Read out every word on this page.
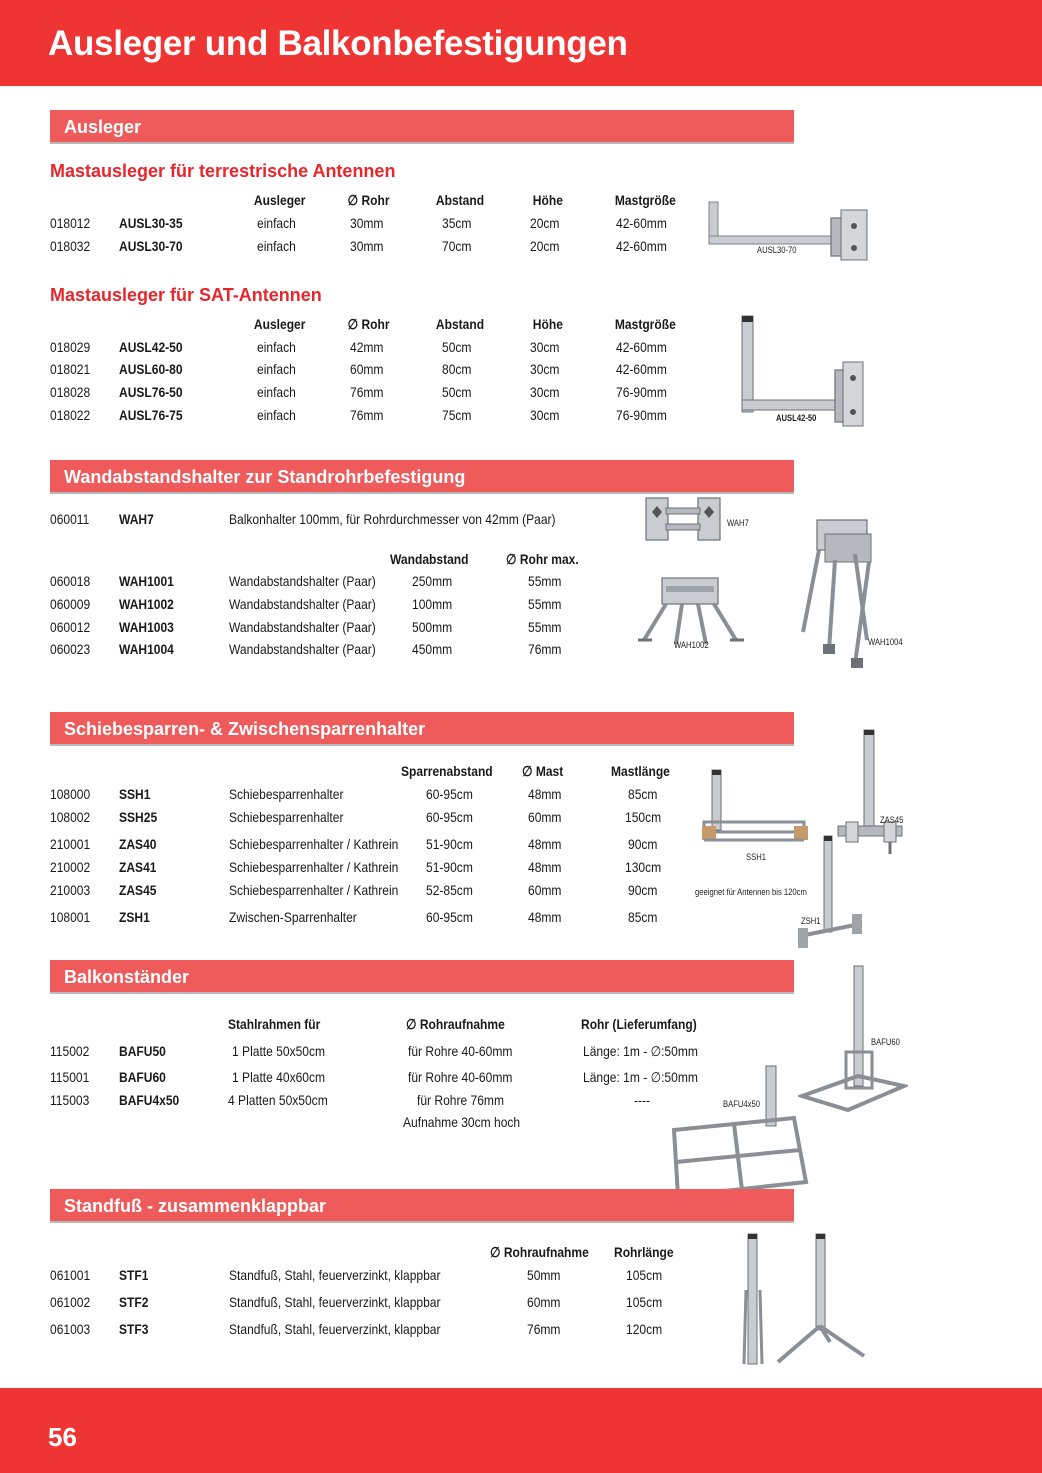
Ausleger und Balkonbefestigungen
Ausleger
Mastausleger für terrestrische Antennen
Ausleger	∅ Rohr	Abstand	Höhe	Mastgröße
018012 AUSL30-35	einfach	30mm	35cm	20cm	42-60mm
018032 AUSL30-70	einfach	30mm	70cm	20cm	42-60mm	AUSL30-70
Mastausleger für SAT-Antennen
Ausleger	∅ Rohr	Abstand	Höhe	Mastgröße
018029 AUSL42-50	einfach	42mm	50cm	30cm	42-60mm
018021 AUSL60-80	einfach	60mm	80cm	30cm	42-60mm
018028 AUSL76-50	einfach	76mm	50cm	30cm	76-90mm
018022 AUSL76-75	einfach	76mm	75cm	30cm	76-90mm	AUSL42-50
Wandabstandshalter zur Standrohrbefestigung
060011 WAH7	Balkonhalter 100mm, für Rohrdurchmesser von 42mm (Paar)
Wandabstand	∅ Rohr max.
060018 WAH1001	Wandabstandshalter (Paar)	250mm	55mm
060009 WAH1002	Wandabstandshalter (Paar)	100mm	55mm
060012 WAH1003	Wandabstandshalter (Paar)	500mm	55mm
060023 WAH1004	Wandabstandshalter (Paar)	450mm	76mm
WAH7
WAH1002	WAH1004
Schiebesparren- & Zwischensparrenhalter
Sparrenabstand ∅ Mast	Mastlänge
108000 SSH1	Schiebesparrenhalter	60-95cm	48mm	85cm
108002 SSH25	Schiebesparrenhalter	60-95cm	60mm	150cm
210001 ZAS40	Schiebesparrenhalter / Kathrein 51-90cm	48mm	90cm
210002 ZAS41	Schiebesparrenhalter / Kathrein 51-90cm	48mm	130cm
210003 ZAS45	Schiebesparrenhalter / Kathrein 52-85cm	60mm	90cm
108001 ZSH1	Zwischen-Sparrenhalter	60-95cm	48mm	85cm
SSH1
ZAS45
geeignet für Antennen bis 120cm
ZSH1
Balkonständer
Stahlrahmen für	∅ Rohraufnahme	Rohr (Lieferumfang)
115002 BAFU50	1 Platte 50x50cm	für Rohre 40-60mm	Länge: 1m - ∅:50mm
115001 BAFU60	1 Platte 40x60cm	für Rohre 40-60mm	Länge: 1m - ∅:50mm
115003 BAFU4x50	4 Platten 50x50cm	für Rohre 76mm	----
Aufnahme 30cm hoch
BAFU60
BAFU4x50
Standfuß - zusammenklappbar
∅ Rohraufnahme Rohrlänge
061001 STF1	Standfuß, Stahl, feuerverzinkt, klappbar	50mm	105cm
061002 STF2	Standfuß, Stahl, feuerverzinkt, klappbar	60mm	105cm
061003 STF3	Standfuß, Stahl, feuerverzinkt, klappbar	76mm	120cm
56
